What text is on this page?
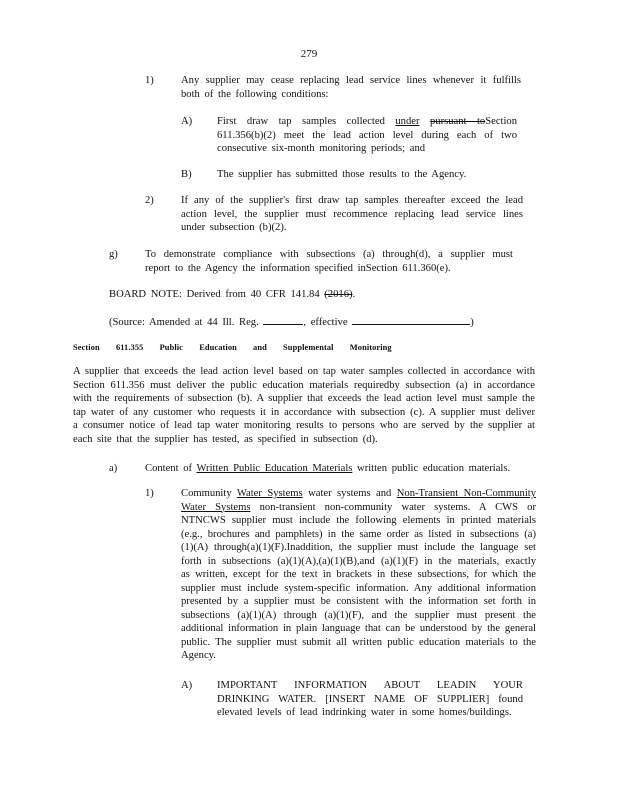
279
1)	Any supplier may cease replacing lead service lines whenever it fulfills both of the following conditions:
A) First draw tap samples collected under pursuant toSection 611.356(b)(2) meet the lead action level during each of two consecutive six-month monitoring periods; and
B) The supplier has submitted those results to the Agency.
2)	If any of the supplier's first draw tap samples thereafter exceed the lead action level, the supplier must recommence replacing lead service lines under subsection (b)(2).
g)	To demonstrate compliance with subsections (a) through(d), a supplier must report to the Agency the information specified inSection 611.360(e).
BOARD NOTE: Derived from 40 CFR 141.84 (2016).
(Source: Amended at 44 Ill. Reg.	, effective	)
Section 611.355 Public Education and Supplemental Monitoring
A supplier that exceeds the lead action level based on tap water samples collected in accordance with Section 611.356 must deliver the public education materials requiredby subsection (a) in accordance with the requirements of subsection (b). A supplier that exceeds the lead action level must sample the tap water of any customer who requests it in accordance with subsection (c). A supplier must deliver a consumer notice of lead tap water monitoring results to persons who are served by the supplier at each site that the supplier has tested, as specified in subsection (d).
a)	Content of Written Public Education Materials written public education materials.
1)	Community Water Systems water systems and Non-Transient Non-Community Water Systems non-transient non-community water systems. A CWS or NTNCWS supplier must include the following elements in printed materials (e.g., brochures and pamphlets) in the same order as listed in subsections (a)(1)(A) through(a)(1)(F).Inaddition, the supplier must include the language set forth in subsections (a)(1)(A),(a)(1)(B),and (a)(1)(F) in the materials, exactly as written, except for the text in brackets in these subsections, for which the supplier must include system-specific information. Any additional information presented by a supplier must be consistent with the information set forth in subsections (a)(1)(A) through (a)(1)(F), and the supplier must present the additional information in plain language that can be understood by the general public. The supplier must submit all written public education materials to the Agency.
A) IMPORTANT INFORMATION ABOUT LEADIN YOUR DRINKING WATER. [INSERT NAME OF SUPPLIER] found elevated levels of lead indrinking water in some homes/buildings.
